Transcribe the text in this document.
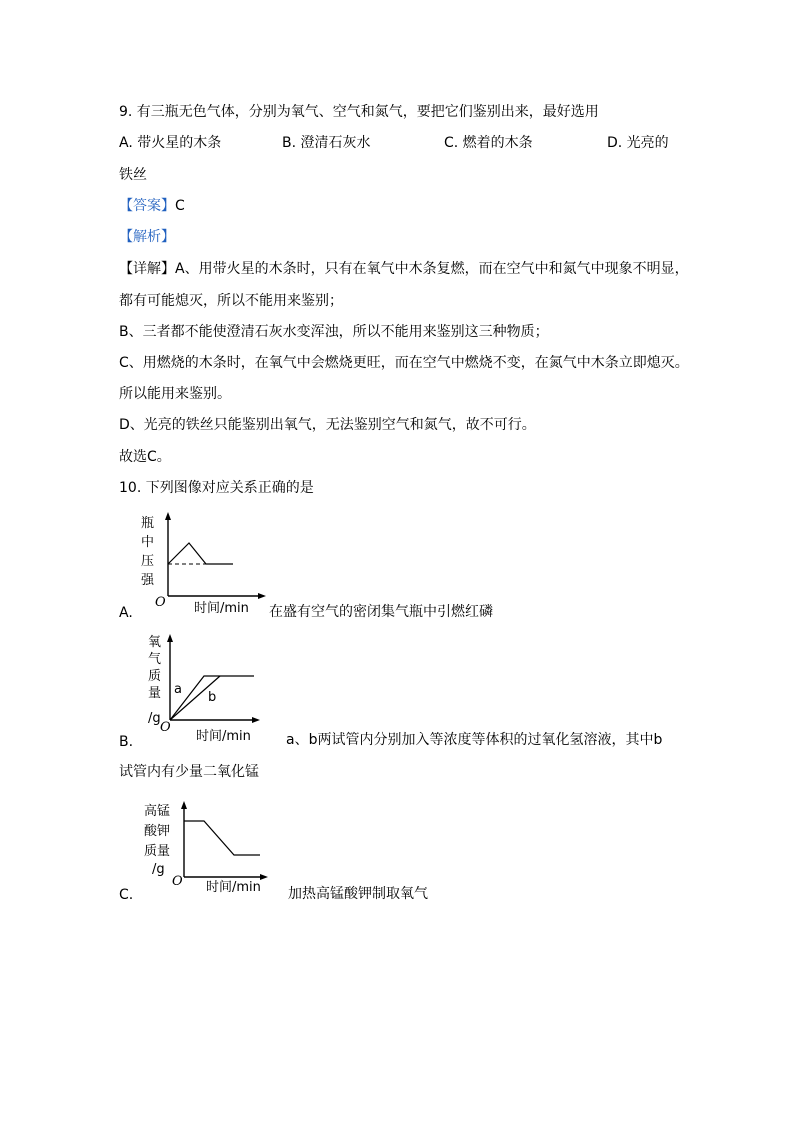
9. 有三瓶无色气体，分别为氧气、空气和氮气，要把它们鉴别出来，最好选用
A. 带火星的木条	B. 澄清石灰水	C. 燃着的木条	D. 光亮的
铁丝
【答案】C
【解析】
【详解】A、用带火星的木条时，只有在氧气中木条复燃，而在空气中和氮气中现象不明显，
都有可能熄灭，所以不能用来鉴别；
B、三者都不能使澄清石灰水变浑浊，所以不能用来鉴别这三种物质；
C、用燃烧的木条时，在氧气中会燃烧更旺，而在空气中燃烧不变，在氮气中木条立即熄灭。
所以能用来鉴别。
D、光亮的铁丝只能鉴别出氧气，无法鉴别空气和氮气，故不可行。
故选C。
10. 下列图像对应关系正确的是
瓶
中
压
强
O 时间/min
A.	在盛有空气的密闭集气瓶中引燃红磷
氧
气
质
量
/g
a
b
O
时间/min
B.	a、b两试管内分别加入等浓度等体积的过氧化氢溶液，其中b
试管内有少量二氧化锰
高锰
酸钾
质量
/g
O 时间/min
C.	加热高锰酸钾制取氧气
